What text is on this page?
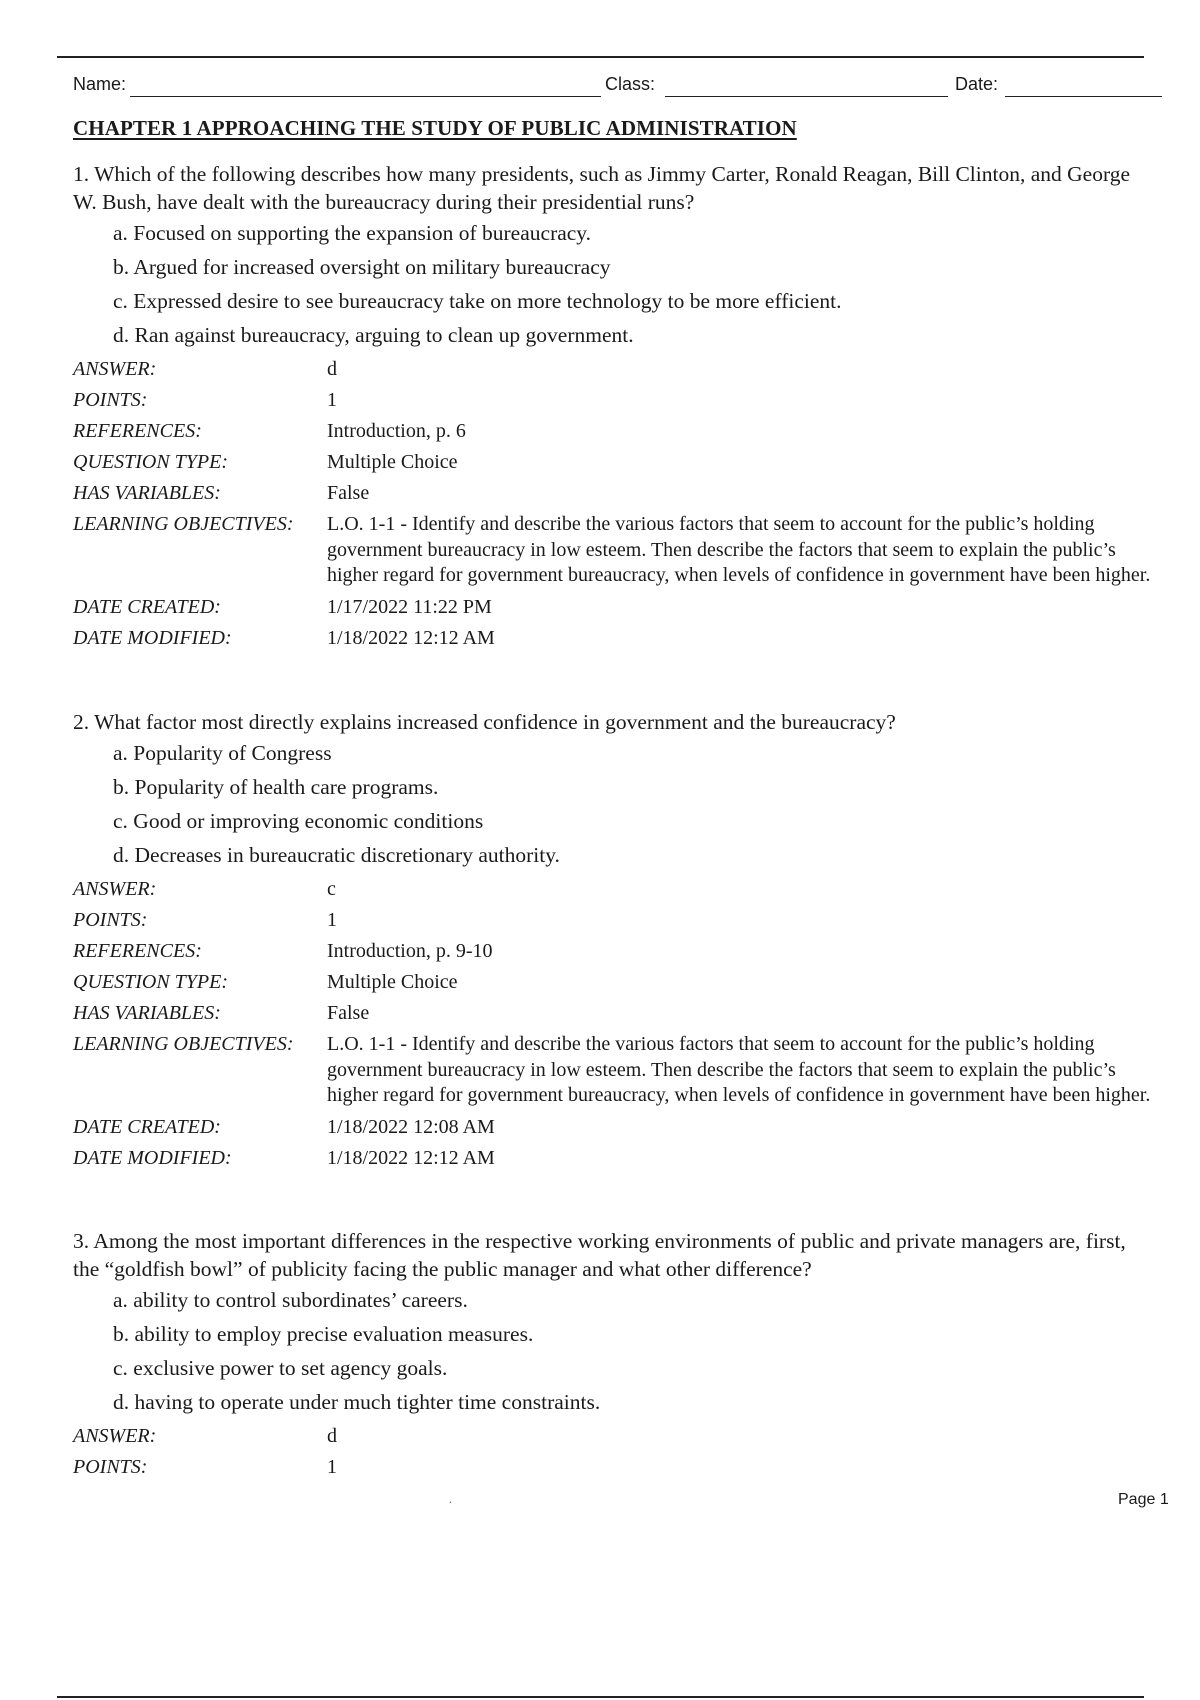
Name:	Class:	Date:
CHAPTER 1 APPROACHING THE STUDY OF PUBLIC ADMINISTRATION

1. Which of the following describes how many presidents, such as Jimmy Carter, Ronald Reagan, Bill Clinton, and George W. Bush, have dealt with the bureaucracy during their presidential runs?

a. Focused on supporting the expansion of bureaucracy.
b. Argued for increased oversight on military bureaucracy
c. Expressed desire to see bureaucracy take on more technology to be more efficient.
d. Ran against bureaucracy, arguing to clean up government.
ANSWER:	d
POINTS:	1
REFERENCES:	Introduction, p. 6
QUESTION TYPE:	Multiple Choice
HAS VARIABLES:	False
LEARNING OBJECTIVES:	L.O. 1-1 - Identify and describe the various factors that seem to account for the public’s holding government bureaucracy in low esteem. Then describe the factors that seem to explain the public’s higher regard for government bureaucracy, when levels of confidence in government have been higher.
DATE CREATED:	1/17/2022 11:22 PM
DATE MODIFIED:	1/18/2022 12:12 AM

2. What factor most directly explains increased confidence in government and the bureaucracy?

a. Popularity of Congress
b. Popularity of health care programs.
c. Good or improving economic conditions
d. Decreases in bureaucratic discretionary authority.
ANSWER:	c
POINTS:	1
REFERENCES:	Introduction, p. 9-10
QUESTION TYPE:	Multiple Choice
HAS VARIABLES:	False
LEARNING OBJECTIVES:	L.O. 1-1 - Identify and describe the various factors that seem to account for the public’s holding government bureaucracy in low esteem. Then describe the factors that seem to explain the public’s higher regard for government bureaucracy, when levels of confidence in government have been higher.
DATE CREATED:	1/18/2022 12:08 AM
DATE MODIFIED:	1/18/2022 12:12 AM

3. Among the most important differences in the respective working environments of public and private managers are, first, the “goldfish bowl” of publicity facing the public manager and what other difference?

a. ability to control subordinates’ careers.
b. ability to employ precise evaluation measures.
c. exclusive power to set agency goals.
d. having to operate under much tighter time constraints.
ANSWER:	d
POINTS:	1
.	Page 1
